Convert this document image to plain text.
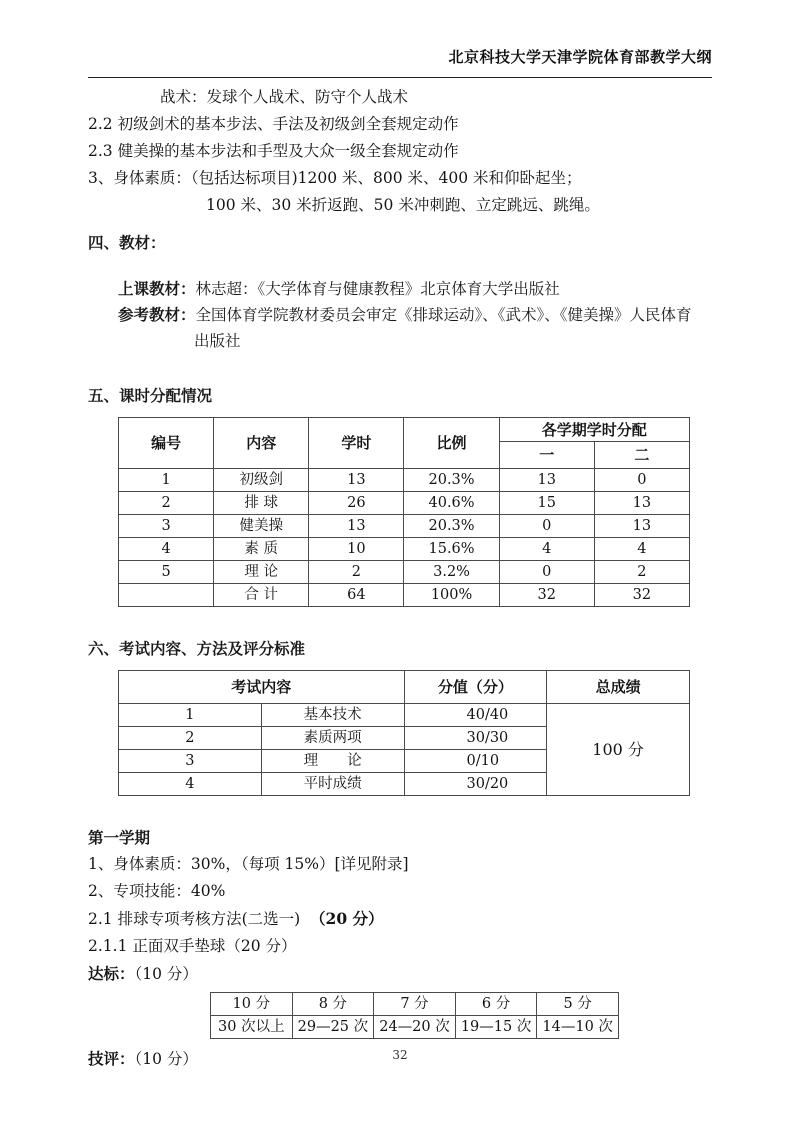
北京科技大学天津学院体育部教学大纲
战术：发球个人战术、防守个人战术
2.2 初级剑术的基本步法、手法及初级剑全套规定动作
2.3 健美操的基本步法和手型及大众一级全套规定动作
3、身体素质：（包括达标项目)1200 米、800 米、400 米和仰卧起坐；
100 米、30 米折返跑、50 米冲刺跑、立定跳远、跳绳。
四、教材：
上课教材：林志超：《大学体育与健康教程》北京体育大学出版社
参考教材：全国体育学院教材委员会审定《排球运动》、《武术》、《健美操》人民体育
出版社
五、课时分配情况
编号	内容	学时	比例	各学期学时分配	
				一	二
1	初级剑	13	20.3%	13	0
2	排 球	26	40.6%	15	13
3	健美操	13	20.3%	0	13
4	素 质	10	15.6%	4	4
5	理 论	2	3.2%	0	2
	合 计	64	100%	32	32
六、考试内容、方法及评分标准
考试内容		分值（分）	总成绩
1	基本技术	40/40	100 分
2	素质两项	30/30	
3	理　　论	0/10	
4	平时成绩	30/20	
第一学期
1、身体素质：30%，（每项 15%）[详见附录]
2、专项技能：40%
2.1 排球专项考核方法(二选一) （20 分）
2.1.1 正面双手垫球（20 分）
达标：（10 分）
10 分	8 分	7 分	6 分	5 分
30 次以上	29—25 次	24—20 次	19—15 次	14—10 次
技评：（10 分）	32
